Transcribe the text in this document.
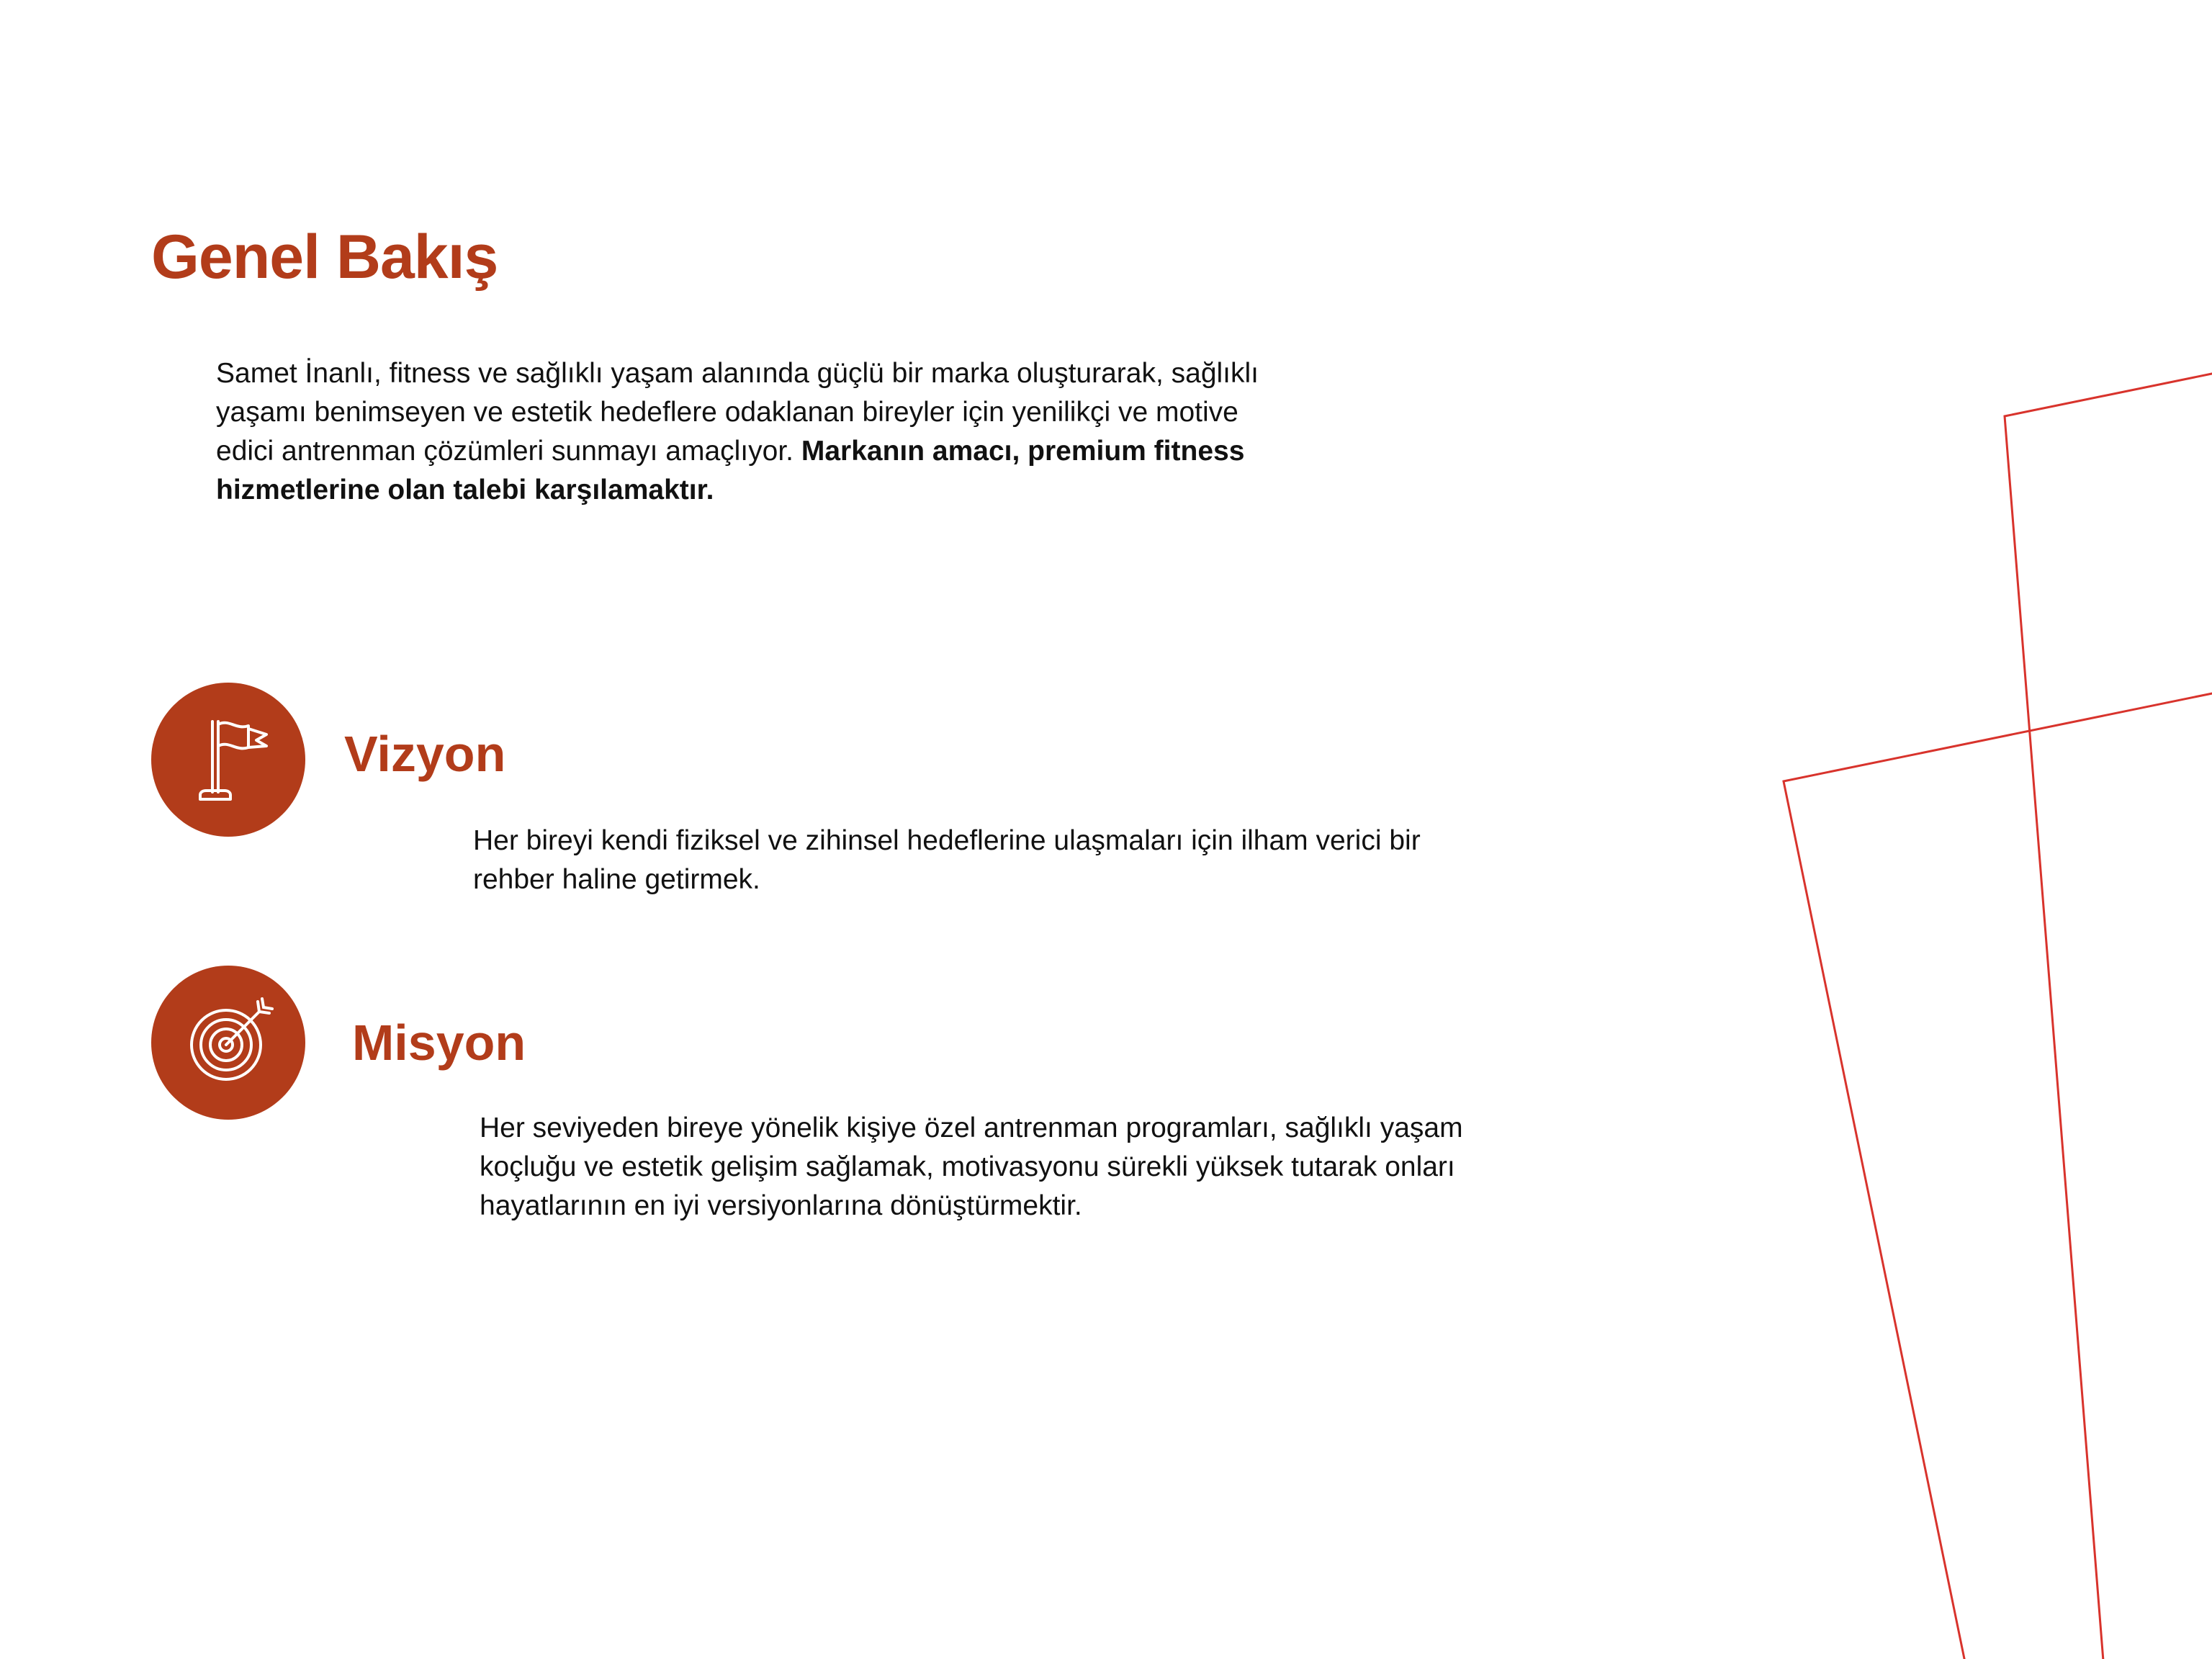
Genel Bakış

Samet İnanlı, fitness ve sağlıklı yaşam alanında güçlü bir marka oluşturarak, sağlıklı yaşamı benimseyen ve estetik hedeflere odaklanan bireyler için yenilikçi ve motive edici antrenman çözümleri sunmayı amaçlıyor. Markanın amacı, premium fitness hizmetlerine olan talebi karşılamaktır.

Vizyon

Her bireyi kendi fiziksel ve zihinsel hedeflerine ulaşmaları için ilham verici bir rehber haline getirmek.

Misyon

Her seviyeden bireye yönelik kişiye özel antrenman programları, sağlıklı yaşam koçluğu ve estetik gelişim sağlamak, motivasyonu sürekli yüksek tutarak onları hayatlarının en iyi versiyonlarına dönüştürmektir.
